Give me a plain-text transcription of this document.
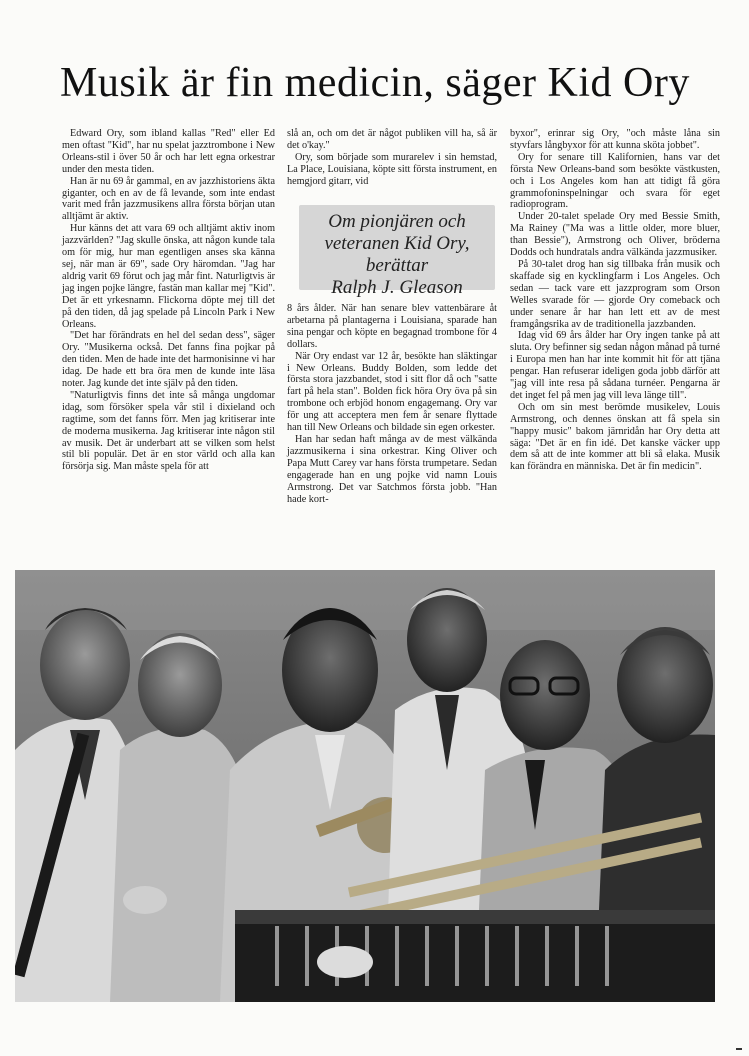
Musik är fin medicin, säger Kid Ory

Edward Ory, som ibland kallas "Red" eller Ed men oftast "Kid", har nu spelat jazztrombone i New Orleans-stil i över 50 år och har lett egna orkestrar under den mesta tiden.

Han är nu 69 år gammal, en av jazzhistoriens äkta giganter, och en av de få levande, som inte endast varit med från jazzmusikens allra första början utan alltjämt är aktiv.

Hur känns det att vara 69 och alltjämt aktiv inom jazzvärlden? "Jag skulle önska, att någon kunde tala om för mig, hur man egentligen anses ska känna sej, när man är 69", sade Ory häromdan. "Jag har aldrig varit 69 förut och jag mår fint. Naturligtvis är jag ingen pojke längre, fastän man kallar mej "Kid". Det är ett yrkesnamn. Flickorna döpte mej till det på den tiden, då jag spelade på Lincoln Park i New Orleans.

"Det har förändrats en hel del sedan dess", säger Ory. "Musikerna också. Det fanns fina pojkar på den tiden. Men de hade inte det harmonisinne vi har idag. De hade ett bra öra men de kunde inte läsa noter. Jag kunde det inte själv på den tiden.

"Naturligtvis finns det inte så många ungdomar idag, som försöker spela vår stil i dixieland och ragtime, som det fanns förr. Men jag kritiserar inte de moderna musikerna. Jag kritiserar inte någon stil av musik. Det är underbart att se vilken som helst stil bli populär. Det är en stor värld och alla kan försörja sig. Man måste spela för att

slå an, och om det är något publiken vill ha, så är det o'kay."

Ory, som började som murarelev i sin hemstad, La Place, Louisiana, köpte sitt första instrument, en hemgjord gitarr, vid

Om pionjären och
veteranen Kid Ory, berättar
Ralph J. Gleason

8 års ålder. När han senare blev vattenbärare åt arbetarna på plantagerna i Louisiana, sparade han sina pengar och köpte en begagnad trombone för 4 dollars.

När Ory endast var 12 år, besökte han släktingar i New Orleans. Buddy Bolden, som ledde det första stora jazzbandet, stod i sitt flor då och "satte fart på hela stan". Bolden fick höra Ory öva på sin trombone och erbjöd honom engagemang. Ory var för ung att acceptera men fem år senare flyttade han till New Orleans och bildade sin egen orkester.

Han har sedan haft många av de mest välkända jazzmusikerna i sina orkestrar. King Oliver och Papa Mutt Carey var hans första trumpetare. Sedan engagerade han en ung pojke vid namn Louis Armstrong. Det var Satchmos första jobb. "Han hade kort-

byxor", erinrar sig Ory, "och måste låna sin styvfars långbyxor för att kunna sköta jobbet".

Ory for senare till Kalifornien, hans var det första New Orleans-band som besökte västkusten, och i Los Angeles kom han att tidigt få göra grammofoninspelningar och svara för eget radioprogram.

Under 20-talet spelade Ory med Bessie Smith, Ma Rainey ("Ma was a little older, more bluer, than Bessie"), Armstrong och Oliver, bröderna Dodds och hundratals andra välkända jazzmusiker.

På 30-talet drog han sig tillbaka från musik och skaffade sig en kycklingfarm i Los Angeles. Och sedan — tack vare ett jazzprogram som Orson Welles svarade för — gjorde Ory comeback och under senare år har han lett ett av de mest framgångsrika av de traditionella jazzbanden.

Idag vid 69 års ålder har Ory ingen tanke på att sluta. Ory befinner sig sedan någon månad på turné i Europa men han har inte kommit hit för att tjäna pengar. Han refuserar ideligen goda jobb därför att "jag vill inte resa på sådana turnéer. Pengarna är det inget fel på men jag vill leva länge till".

Och om sin mest berömde musikelev, Louis Armstrong, och dennes önskan att få spela sin "happy music" bakom järnridån har Ory detta att säga: "Det är en fin idé. Det kanske väcker upp dem så att de inte kommer att bli så elaka. Musik kan förändra en människa. Det är fin medicin".
